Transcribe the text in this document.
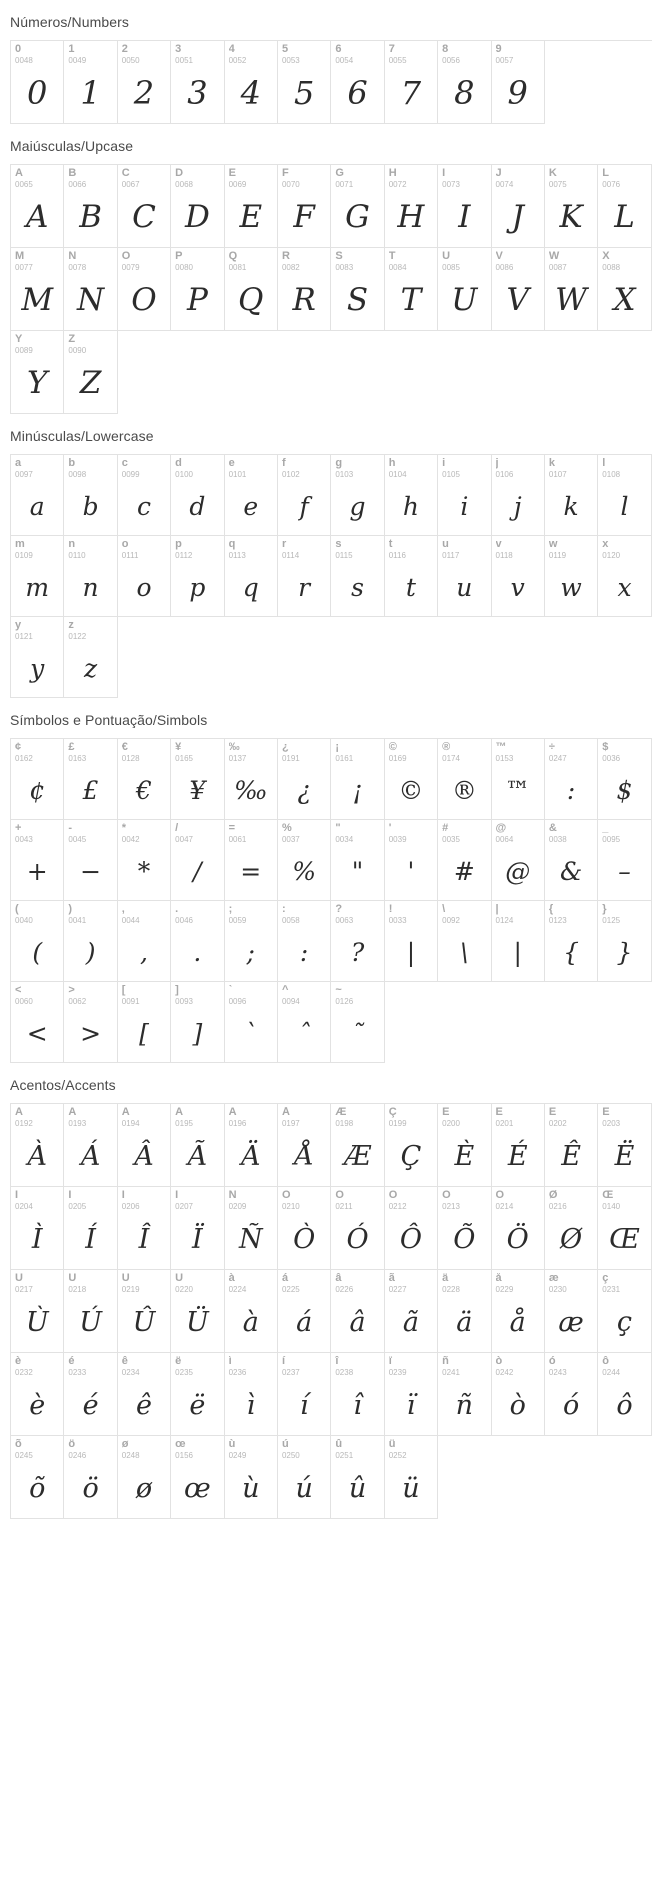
Números/Numbers
0
0048
0
1
0049
1
2
0050
2
3
0051
3
4
0052
4
5
0053
5
6
0054
6
7
0055
7
8
0056
8
9
0057
9
Maiúsculas/Upcase
A
0065
A
B
0066
B
C
0067
C
D
0068
D
E
0069
E
F
0070
F
G
0071
G
H
0072
H
I
0073
I
J
0074
J
K
0075
K
L
0076
L
M
0077
M
N
0078
N
O
0079
O
P
0080
P
Q
0081
Q
R
0082
R
S
0083
S
T
0084
T
U
0085
U
V
0086
V
W
0087
W
X
0088
X
Y
0089
Y
Z
0090
Z
Minúsculas/Lowercase
a
0097
a
b
0098
b
c
0099
c
d
0100
d
e
0101
e
f
0102
f
g
0103
g
h
0104
h
i
0105
i
j
0106
j
k
0107
k
l
0108
l
m
0109
m
n
0110
n
o
0111
o
p
0112
p
q
0113
q
r
0114
r
s
0115
s
t
0116
t
u
0117
u
v
0118
v
w
0119
w
x
0120
x
y
0121
y
z
0122
z
Símbolos e Pontuação/Simbols
¢
0162
¢
£
0163
£
€
0128
€
¥
0165
¥
‰
0137
‰
¿
0191
¿
¡
0161
¡
©
0169
©
®
0174
®
™
0153
™
÷
0247
:
$
0036
$
+
0043
+
-
0045
−
*
0042
*
/
0047
/
=
0061
=
%
0037
%
"
0034
"
'
0039
'
#
0035
#
@
0064
@
&
0038
&
_
0095
–
(
0040
(
)
0041
)
,
0044
,
.
0046
.
;
0059
;
:
0058
:
?
0063
?
!
0033
|
\
0092
\
|
0124
|
{
0123
{
}
0125
}
<
0060
<
>
0062
>
[
0091
[
]
0093
]
`
0096
`
^
0094
ˆ
~
0126
˜
Acentos/Accents
À
0192
À
Á
0193
Á
Â
0194
Â
Ã
0195
Ã
Ä
0196
Ä
Å
0197
Å
Æ
0198
Æ
Ç
0199
Ç
È
0200
È
É
0201
É
Ê
0202
Ê
Ë
0203
Ë
Ì
0204
Ì
Í
0205
Í
Î
0206
Î
Ï
0207
Ï
Ñ
0209
Ñ
Ò
0210
Ò
Ó
0211
Ó
Ô
0212
Ô
Õ
0213
Õ
Ö
0214
Ö
Ø
0216
Ø
Œ
0140
Œ
Ù
0217
Ù
Ú
0218
Ú
Û
0219
Û
Ü
0220
Ü
à
0224
à
á
0225
á
â
0226
â
ã
0227
ã
ä
0228
ä
å
0229
å
æ
0230
æ
ç
0231
ç
è
0232
è
é
0233
é
ê
0234
ê
ë
0235
ë
ì
0236
ì
í
0237
í
î
0238
î
ï
0239
ï
ñ
0241
ñ
ò
0242
ò
ó
0243
ó
ô
0244
ô
õ
0245
õ
ö
0246
ö
ø
0248
ø
œ
0156
œ
ù
0249
ù
ú
0250
ú
û
0251
û
ü
0252
ü
